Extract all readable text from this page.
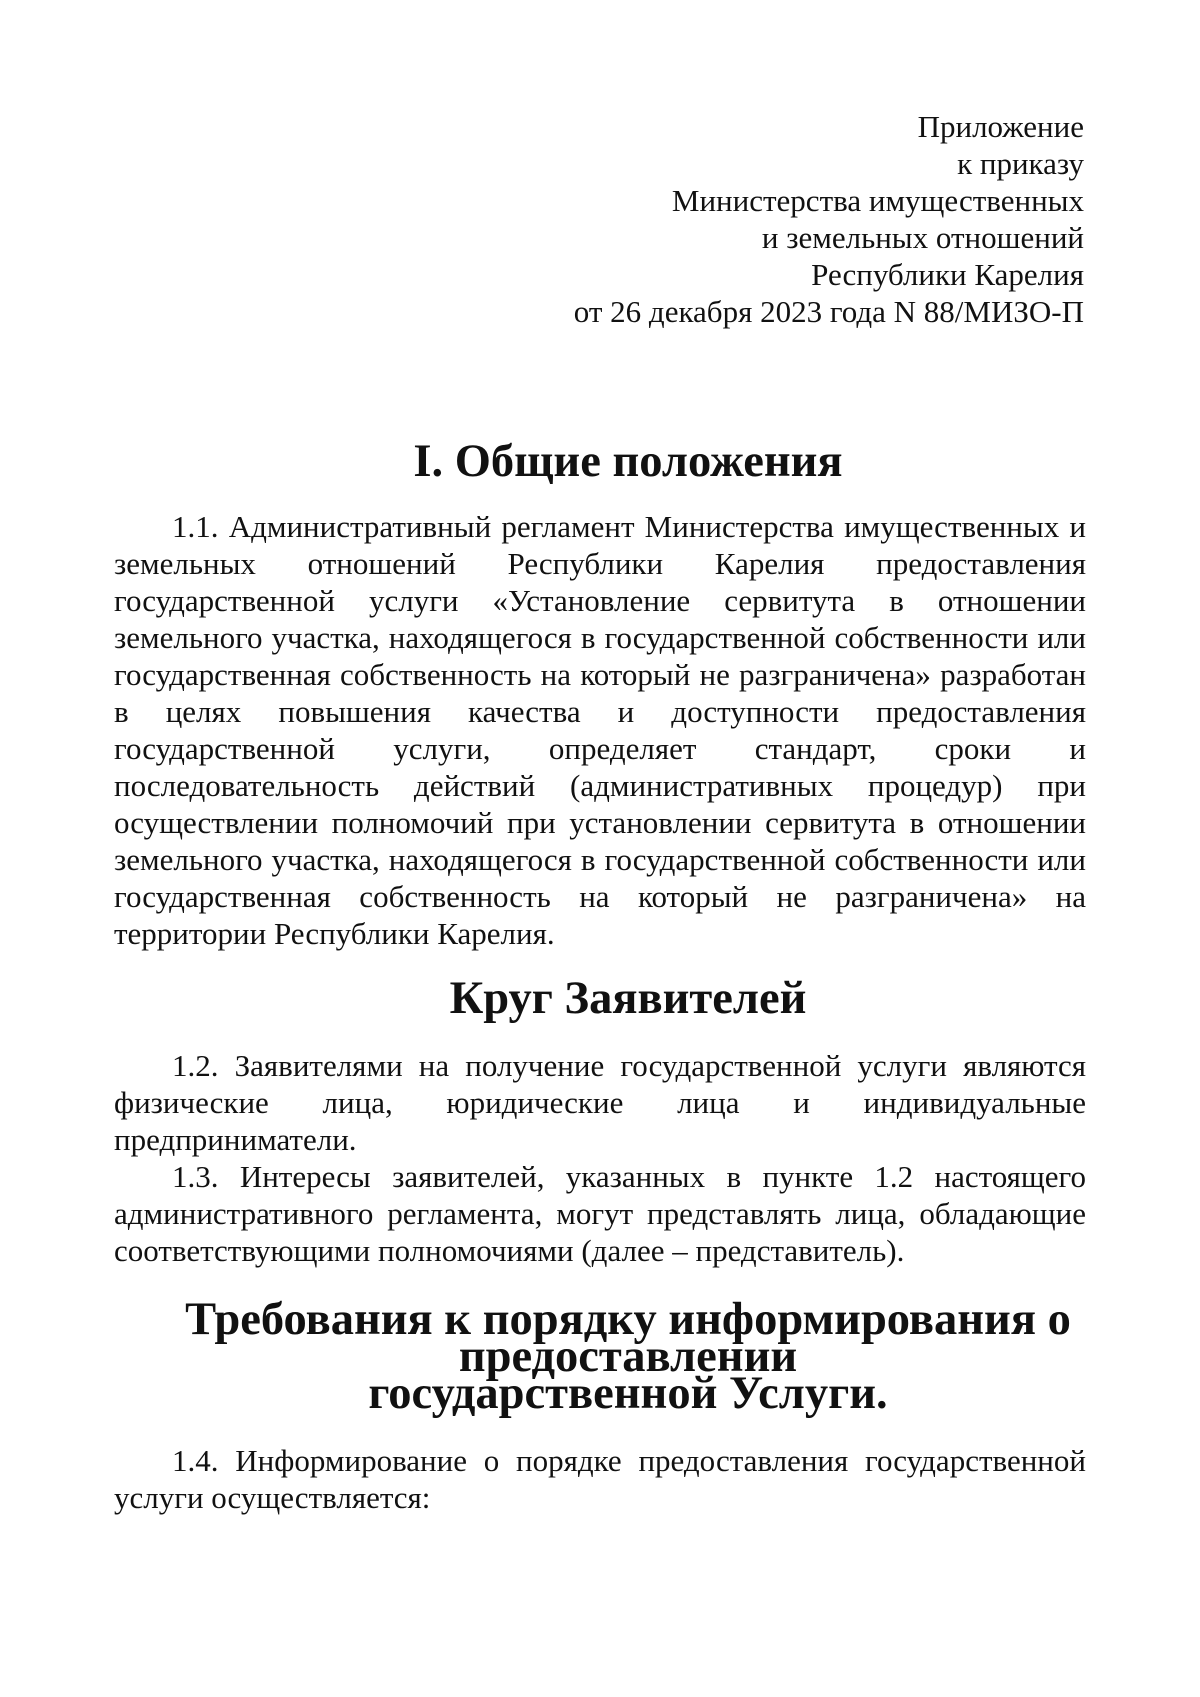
Приложение
к приказу
Министерства имущественных
и земельных отношений
Республики Карелия
от 26 декабря 2023 года N 88/МИЗО-П
I. Общие положения

1.1. Административный регламент Министерства имущественных и земельных отношений Республики Карелия предоставления государственной услуги «Установление сервитута в отношении земельного участка, находящегося в государственной собственности или государственная собственность на который не разграничена» разработан в целях повышения качества и доступности предоставления государственной услуги, определяет стандарт, сроки и последовательность действий (административных процедур) при осуществлении полномочий при установлении сервитута в отношении земельного участка, находящегося в государственной собственности или государственная собственность на который не разграничена» на территории Республики Карелия.

Круг Заявителей

1.2. Заявителями на получение государственной услуги являются физические лица, юридические лица и индивидуальные предприниматели.

1.3. Интересы заявителей, указанных в пункте 1.2 настоящего административного регламента, могут представлять лица, обладающие соответствующими полномочиями (далее – представитель).

Требования к порядку информирования о предоставлении
государственной Услуги.

1.4. Информирование о порядке предоставления государственной услуги осуществляется:
